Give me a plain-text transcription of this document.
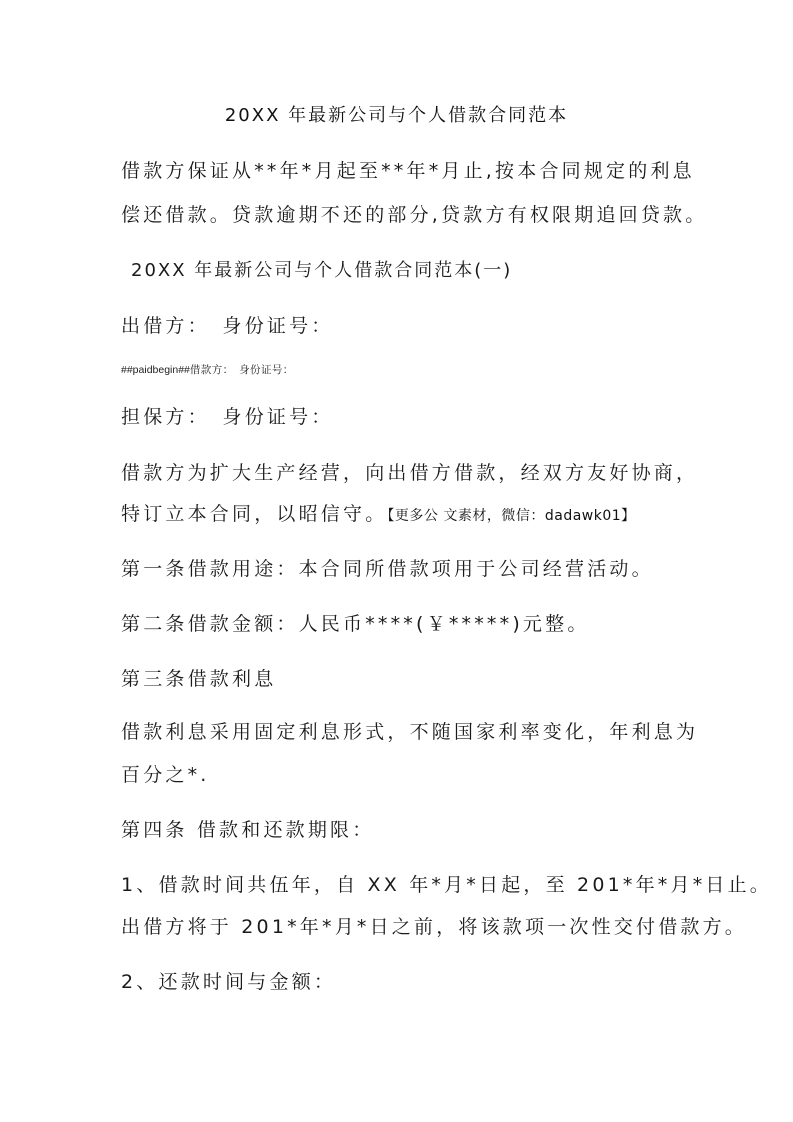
20XX 年最新公司与个人借款合同范本
借款方保证从**年*月起至**年*月止,按本合同规定的利息
偿还借款。贷款逾期不还的部分,贷款方有权限期追回贷款。
20XX 年最新公司与个人借款合同范本(一)
出借方：　身份证号：
##paidbegin##借款方：　身份证号：
担保方：　身份证号：
借款方为扩大生产经营，向出借方借款，经双方友好协商，
特订立本合同，以昭信守。【更多公 文素材，微信：dadawk01】
第一条借款用途：本合同所借款项用于公司经营活动。
第二条借款金额：人民币****(￥*****)元整。
第三条借款利息
借款利息采用固定利息形式，不随国家利率变化，年利息为
百分之*.
第四条 借款和还款期限：
1、借款时间共伍年，自 XX 年*月*日起，至 201*年*月*日止。
出借方将于 201*年*月*日之前，将该款项一次性交付借款方。
2、还款时间与金额：
